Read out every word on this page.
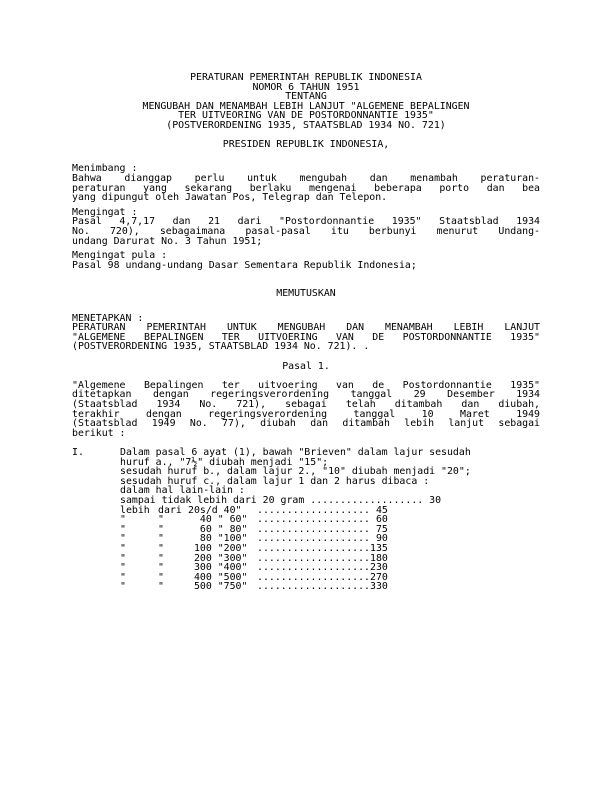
PERATURAN PEMERINTAH REPUBLIK INDONESIA
NOMOR 6 TAHUN 1951
TENTANG
MENGUBAH DAN MENAMBAH LEBIH LANJUT "ALGEMENE BEPALINGEN
TER UITVEORING VAN DE POSTORDONNANTIE 1935"
(POSTVERORDENING 1935, STAATSBLAD 1934 NO. 721)
PRESIDEN REPUBLIK INDONESIA,
Menimbang :
Bahwa dianggap perlu untuk mengubah dan menambah peraturan-
peraturan yang sekarang berlaku mengenai beberapa porto dan bea
yang dipungut oleh Jawatan Pos, Telegrap dan Telepon.
Mengingat :
Pasal 4,7,17 dan 21 dari "Postordonnantie 1935" Staatsblad 1934
No. 720), sebagaimana pasal-pasal itu berbunyi menurut Undang-
undang Darurat No. 3 Tahun 1951;
Mengingat pula :
Pasal 98 undang-undang Dasar Sementara Republik Indonesia;
MEMUTUSKAN
MENETAPKAN :
PERATURAN PEMERINTAH UNTUK MENGUBAH DAN MENAMBAH LEBIH LANJUT
"ALGEMENE BEPALINGEN TER UITVOERING VAN DE POSTORDONNANTIE 1935"
(POSTVERORDENING 1935, STAATSBLAD 1934 No. 721). .
Pasal 1.
"Algemene Bepalingen ter uitvoering van de Postordonnantie 1935"
ditetapkan dengan regeringsverordening tanggal 29 Desember 1934
(Staatsblad 1934 No. 721), sebagai telah ditambah dan diubah,
terakhir dengan regeringsverordening tanggal 10 Maret 1949
(Staatsblad 1949 No. 77), diubah dan ditambah lebih lanjut sebagai
berikut :
I.	Dalam pasal 6 ayat (1), bawah "Brieven" dalam lajur sesudah
huruf a., "7½" diubah menjadi "15";
sesudah huruf b., dalam lajur 2., "10" diubah menjadi "20";
sesudah huruf c., dalam lajur 1 dan 2 harus dibaca :
dalam hal lain-lain :
sampai tidak lebih dari 20 gram ................... 30
lebih dari 20s/d 40"	................... 45
"	"	40 " 60" ................... 60
"	"	60 " 80" ................... 75
"	"	80 "100" ................... 90
"	"	100 "200" ................... 135
"	"	200 "300" ................... 180
"	"	300 "400" ................... 230
"	"	400 "500" ................... 270
"	"	500 "750" ................... 330
